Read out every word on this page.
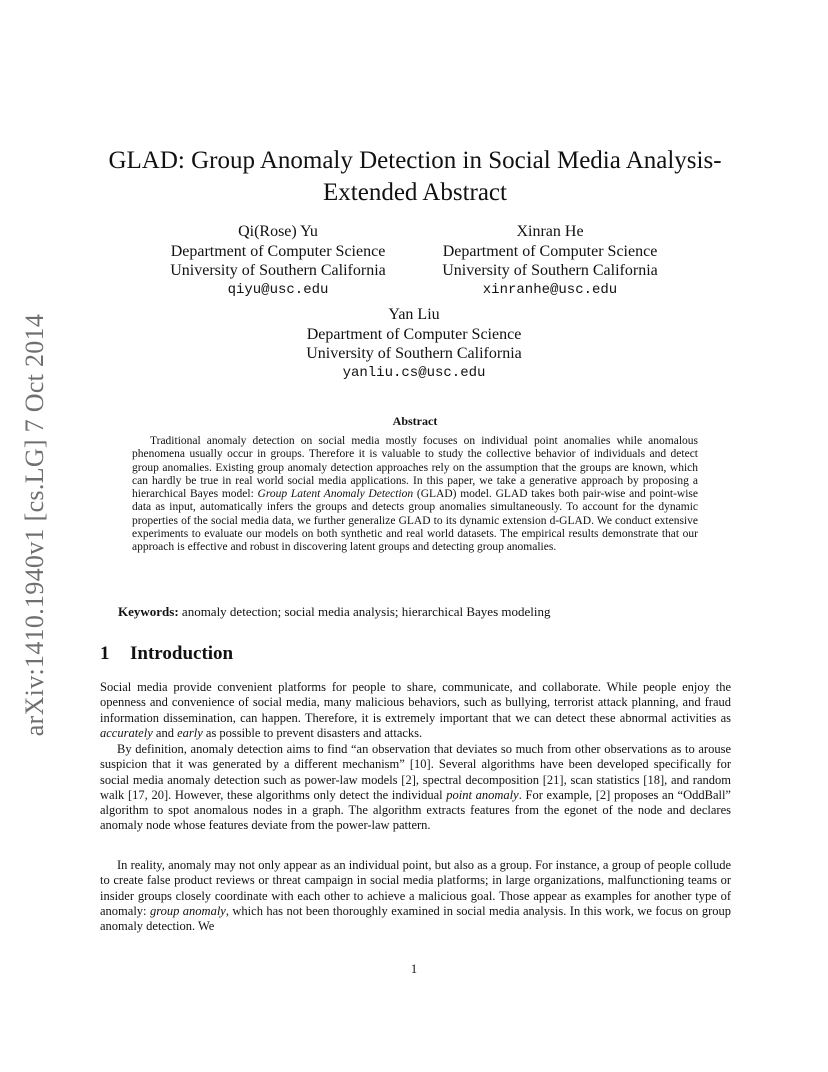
arXiv:1410.1940v1 [cs.LG] 7 Oct 2014
GLAD: Group Anomaly Detection in Social Media Analysis- Extended Abstract
Qi(Rose) Yu
Department of Computer Science
University of Southern California
qiyu@usc.edu
Xinran He
Department of Computer Science
University of Southern California
xinranhe@usc.edu
Yan Liu
Department of Computer Science
University of Southern California
yanliu.cs@usc.edu
Abstract
Traditional anomaly detection on social media mostly focuses on individual point anomalies while anomalous phenomena usually occur in groups. Therefore it is valuable to study the collective behavior of individuals and detect group anomalies. Existing group anomaly detection approaches rely on the assumption that the groups are known, which can hardly be true in real world social media applications. In this paper, we take a generative approach by proposing a hierarchical Bayes model: Group Latent Anomaly Detection (GLAD) model. GLAD takes both pair-wise and point-wise data as input, automatically infers the groups and detects group anomalies simultaneously. To account for the dynamic properties of the social media data, we further generalize GLAD to its dynamic extension d-GLAD. We conduct extensive experiments to evaluate our models on both synthetic and real world datasets. The empirical results demonstrate that our approach is effective and robust in discovering latent groups and detecting group anomalies.
Keywords: anomaly detection; social media analysis; hierarchical Bayes modeling
1 Introduction
Social media provide convenient platforms for people to share, communicate, and collaborate. While people enjoy the openness and convenience of social media, many malicious behaviors, such as bullying, terrorist attack planning, and fraud information dissemination, can happen. Therefore, it is extremely important that we can detect these abnormal activities as accurately and early as possible to prevent disasters and attacks.
By definition, anomaly detection aims to find “an observation that deviates so much from other observations as to arouse suspicion that it was generated by a different mechanism” [10]. Several algorithms have been developed specifically for social media anomaly detection such as power-law models [2], spectral decomposition [21], scan statistics [18], and random walk [17, 20]. However, these algorithms only detect the individual point anomaly. For example, [2] proposes an “OddBall” algorithm to spot anomalous nodes in a graph. The algorithm extracts features from the egonet of the node and declares anomaly node whose features deviate from the power-law pattern.
In reality, anomaly may not only appear as an individual point, but also as a group. For instance, a group of people collude to create false product reviews or threat campaign in social media platforms; in large organizations, malfunctioning teams or insider groups closely coordinate with each other to achieve a malicious goal. Those appear as examples for another type of anomaly: group anomaly, which has not been thoroughly examined in social media analysis. In this work, we focus on group anomaly detection. We
1
